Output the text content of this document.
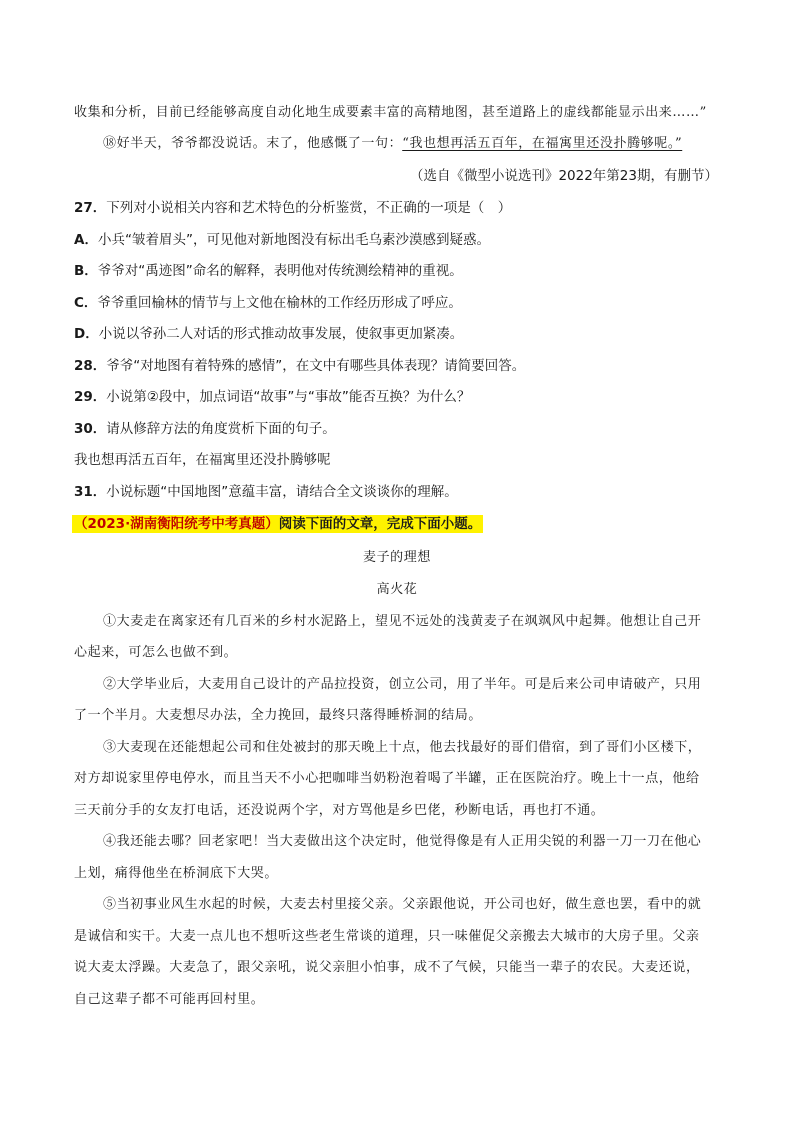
收集和分析，目前已经能够高度自动化地生成要素丰富的高精地图，甚至道路上的虚线都能显示出来……”
⑱好半天，爷爷都没说话。末了，他感慨了一句：“我也想再活五百年，在福寓里还没扑腾够呢。”
（选自《微型小说选刊》2022年第23期，有删节）
27．下列对小说相关内容和艺术特色的分析鉴赏，不正确的一项是（　）
A．小兵“皱着眉头”，可见他对新地图没有标出毛乌素沙漠感到疑惑。
B．爷爷对“禹迹图”命名的解释，表明他对传统测绘精神的重视。
C．爷爷重回榆林的情节与上文他在榆林的工作经历形成了呼应。
D．小说以爷孙二人对话的形式推动故事发展，使叙事更加紧凑。
28．爷爷“对地图有着特殊的感情”，在文中有哪些具体表现？请简要回答。
29．小说第②段中，加点词语“故事”与“事故”能否互换？为什么？
30．请从修辞方法的角度赏析下面的句子。
我也想再活五百年，在福寓里还没扑腾够呢
31．小说标题“中国地图”意蕴丰富，请结合全文谈谈你的理解。
（2023·湖南衡阳统考中考真题）阅读下面的文章，完成下面小题。
麦子的理想
高火花
①大麦走在离家还有几百米的乡村水泥路上，望见不远处的浅黄麦子在飒飒风中起舞。他想让自己开
心起来，可怎么也做不到。
②大学毕业后，大麦用自己设计的产品拉投资，创立公司，用了半年。可是后来公司申请破产，只用
了一个半月。大麦想尽办法，全力挽回，最终只落得睡桥洞的结局。
③大麦现在还能想起公司和住处被封的那天晚上十点，他去找最好的哥们借宿，到了哥们小区楼下，
对方却说家里停电停水，而且当天不小心把咖啡当奶粉泡着喝了半罐，正在医院治疗。晚上十一点，他给
三天前分手的女友打电话，还没说两个字，对方骂他是乡巴佬，秒断电话，再也打不通。
④我还能去哪？回老家吧！当大麦做出这个决定时，他觉得像是有人正用尖锐的利器一刀一刀在他心
上划，痛得他坐在桥洞底下大哭。
⑤当初事业风生水起的时候，大麦去村里接父亲。父亲跟他说，开公司也好，做生意也罢，看中的就
是诚信和实干。大麦一点儿也不想听这些老生常谈的道理，只一味催促父亲搬去大城市的大房子里。父亲
说大麦太浮躁。大麦急了，跟父亲吼，说父亲胆小怕事，成不了气候，只能当一辈子的农民。大麦还说，
自己这辈子都不可能再回村里。
